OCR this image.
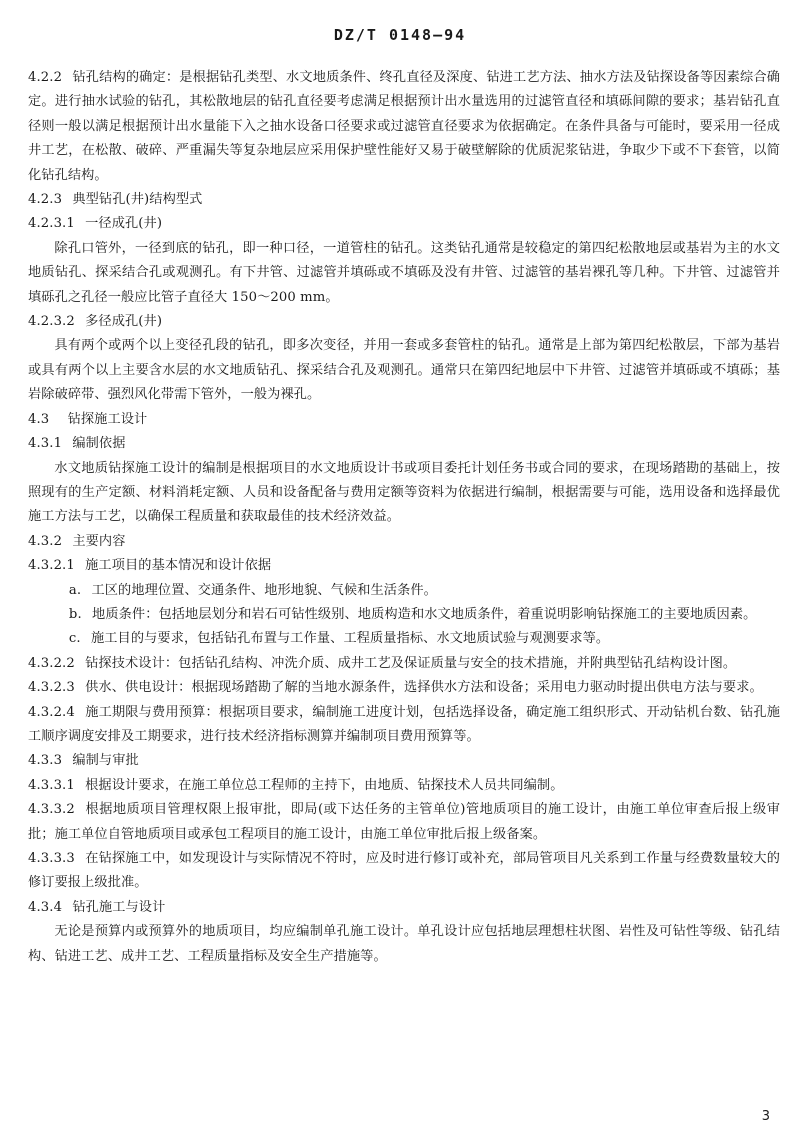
DZ/T 0148—94
4.2.2 钻孔结构的确定：是根据钻孔类型、水文地质条件、终孔直径及深度、钻进工艺方法、抽水方法及钻探设备等因素综合确定。进行抽水试验的钻孔，其松散地层的钻孔直径要考虑满足根据预计出水量选用的过滤管直径和填砾间隙的要求；基岩钻孔直径则一般以满足根据预计出水量能下入之抽水设备口径要求或过滤管直径要求为依据确定。在条件具备与可能时，要采用一径成井工艺，在松散、破碎、严重漏失等复杂地层应采用保护壁性能好又易于破壁解除的优质泥浆钻进，争取少下或不下套管，以简化钻孔结构。
4.2.3 典型钻孔(井)结构型式
4.2.3.1 一径成孔(井)
除孔口管外，一径到底的钻孔，即一种口径，一道管柱的钻孔。这类钻孔通常是较稳定的第四纪松散地层或基岩为主的水文地质钻孔、探采结合孔或观测孔。有下井管、过滤管并填砾或不填砾及没有井管、过滤管的基岩裸孔等几种。下井管、过滤管并填砾孔之孔径一般应比管子直径大 150～200 mm。
4.2.3.2 多径成孔(井)
具有两个或两个以上变径孔段的钻孔，即多次变径，并用一套或多套管柱的钻孔。通常是上部为第四纪松散层，下部为基岩或具有两个以上主要含水层的水文地质钻孔、探采结合孔及观测孔。通常只在第四纪地层中下井管、过滤管并填砾或不填砾；基岩除破碎带、强烈风化带需下管外，一般为裸孔。
4.3 钻探施工设计
4.3.1 编制依据
水文地质钻探施工设计的编制是根据项目的水文地质设计书或项目委托计划任务书或合同的要求，在现场踏勘的基础上，按照现有的生产定额、材料消耗定额、人员和设备配备与费用定额等资料为依据进行编制，根据需要与可能，选用设备和选择最优施工方法与工艺，以确保工程质量和获取最佳的技术经济效益。
4.3.2 主要内容
4.3.2.1 施工项目的基本情况和设计依据
a. 工区的地理位置、交通条件、地形地貌、气候和生活条件。
b. 地质条件：包括地层划分和岩石可钻性级别、地质构造和水文地质条件，着重说明影响钻探施工的主要地质因素。
c. 施工目的与要求，包括钻孔布置与工作量、工程质量指标、水文地质试验与观测要求等。
4.3.2.2 钻探技术设计：包括钻孔结构、冲洗介质、成井工艺及保证质量与安全的技术措施，并附典型钻孔结构设计图。
4.3.2.3 供水、供电设计：根据现场踏勘了解的当地水源条件，选择供水方法和设备；采用电力驱动时提出供电方法与要求。
4.3.2.4 施工期限与费用预算：根据项目要求，编制施工进度计划，包括选择设备，确定施工组织形式、开动钻机台数、钻孔施工顺序调度安排及工期要求，进行技术经济指标测算并编制项目费用预算等。
4.3.3 编制与审批
4.3.3.1 根据设计要求，在施工单位总工程师的主持下，由地质、钻探技术人员共同编制。
4.3.3.2 根据地质项目管理权限上报审批，即局(或下达任务的主管单位)管地质项目的施工设计，由施工单位审查后报上级审批；施工单位自管地质项目或承包工程项目的施工设计，由施工单位审批后报上级备案。
4.3.3.3 在钻探施工中，如发现设计与实际情况不符时，应及时进行修订或补充，部局管项目凡关系到工作量与经费数量较大的修订要报上级批准。
4.3.4 钻孔施工与设计
无论是预算内或预算外的地质项目，均应编制单孔施工设计。单孔设计应包括地层理想柱状图、岩性及可钻性等级、钻孔结构、钻进工艺、成井工艺、工程质量指标及安全生产措施等。
3
